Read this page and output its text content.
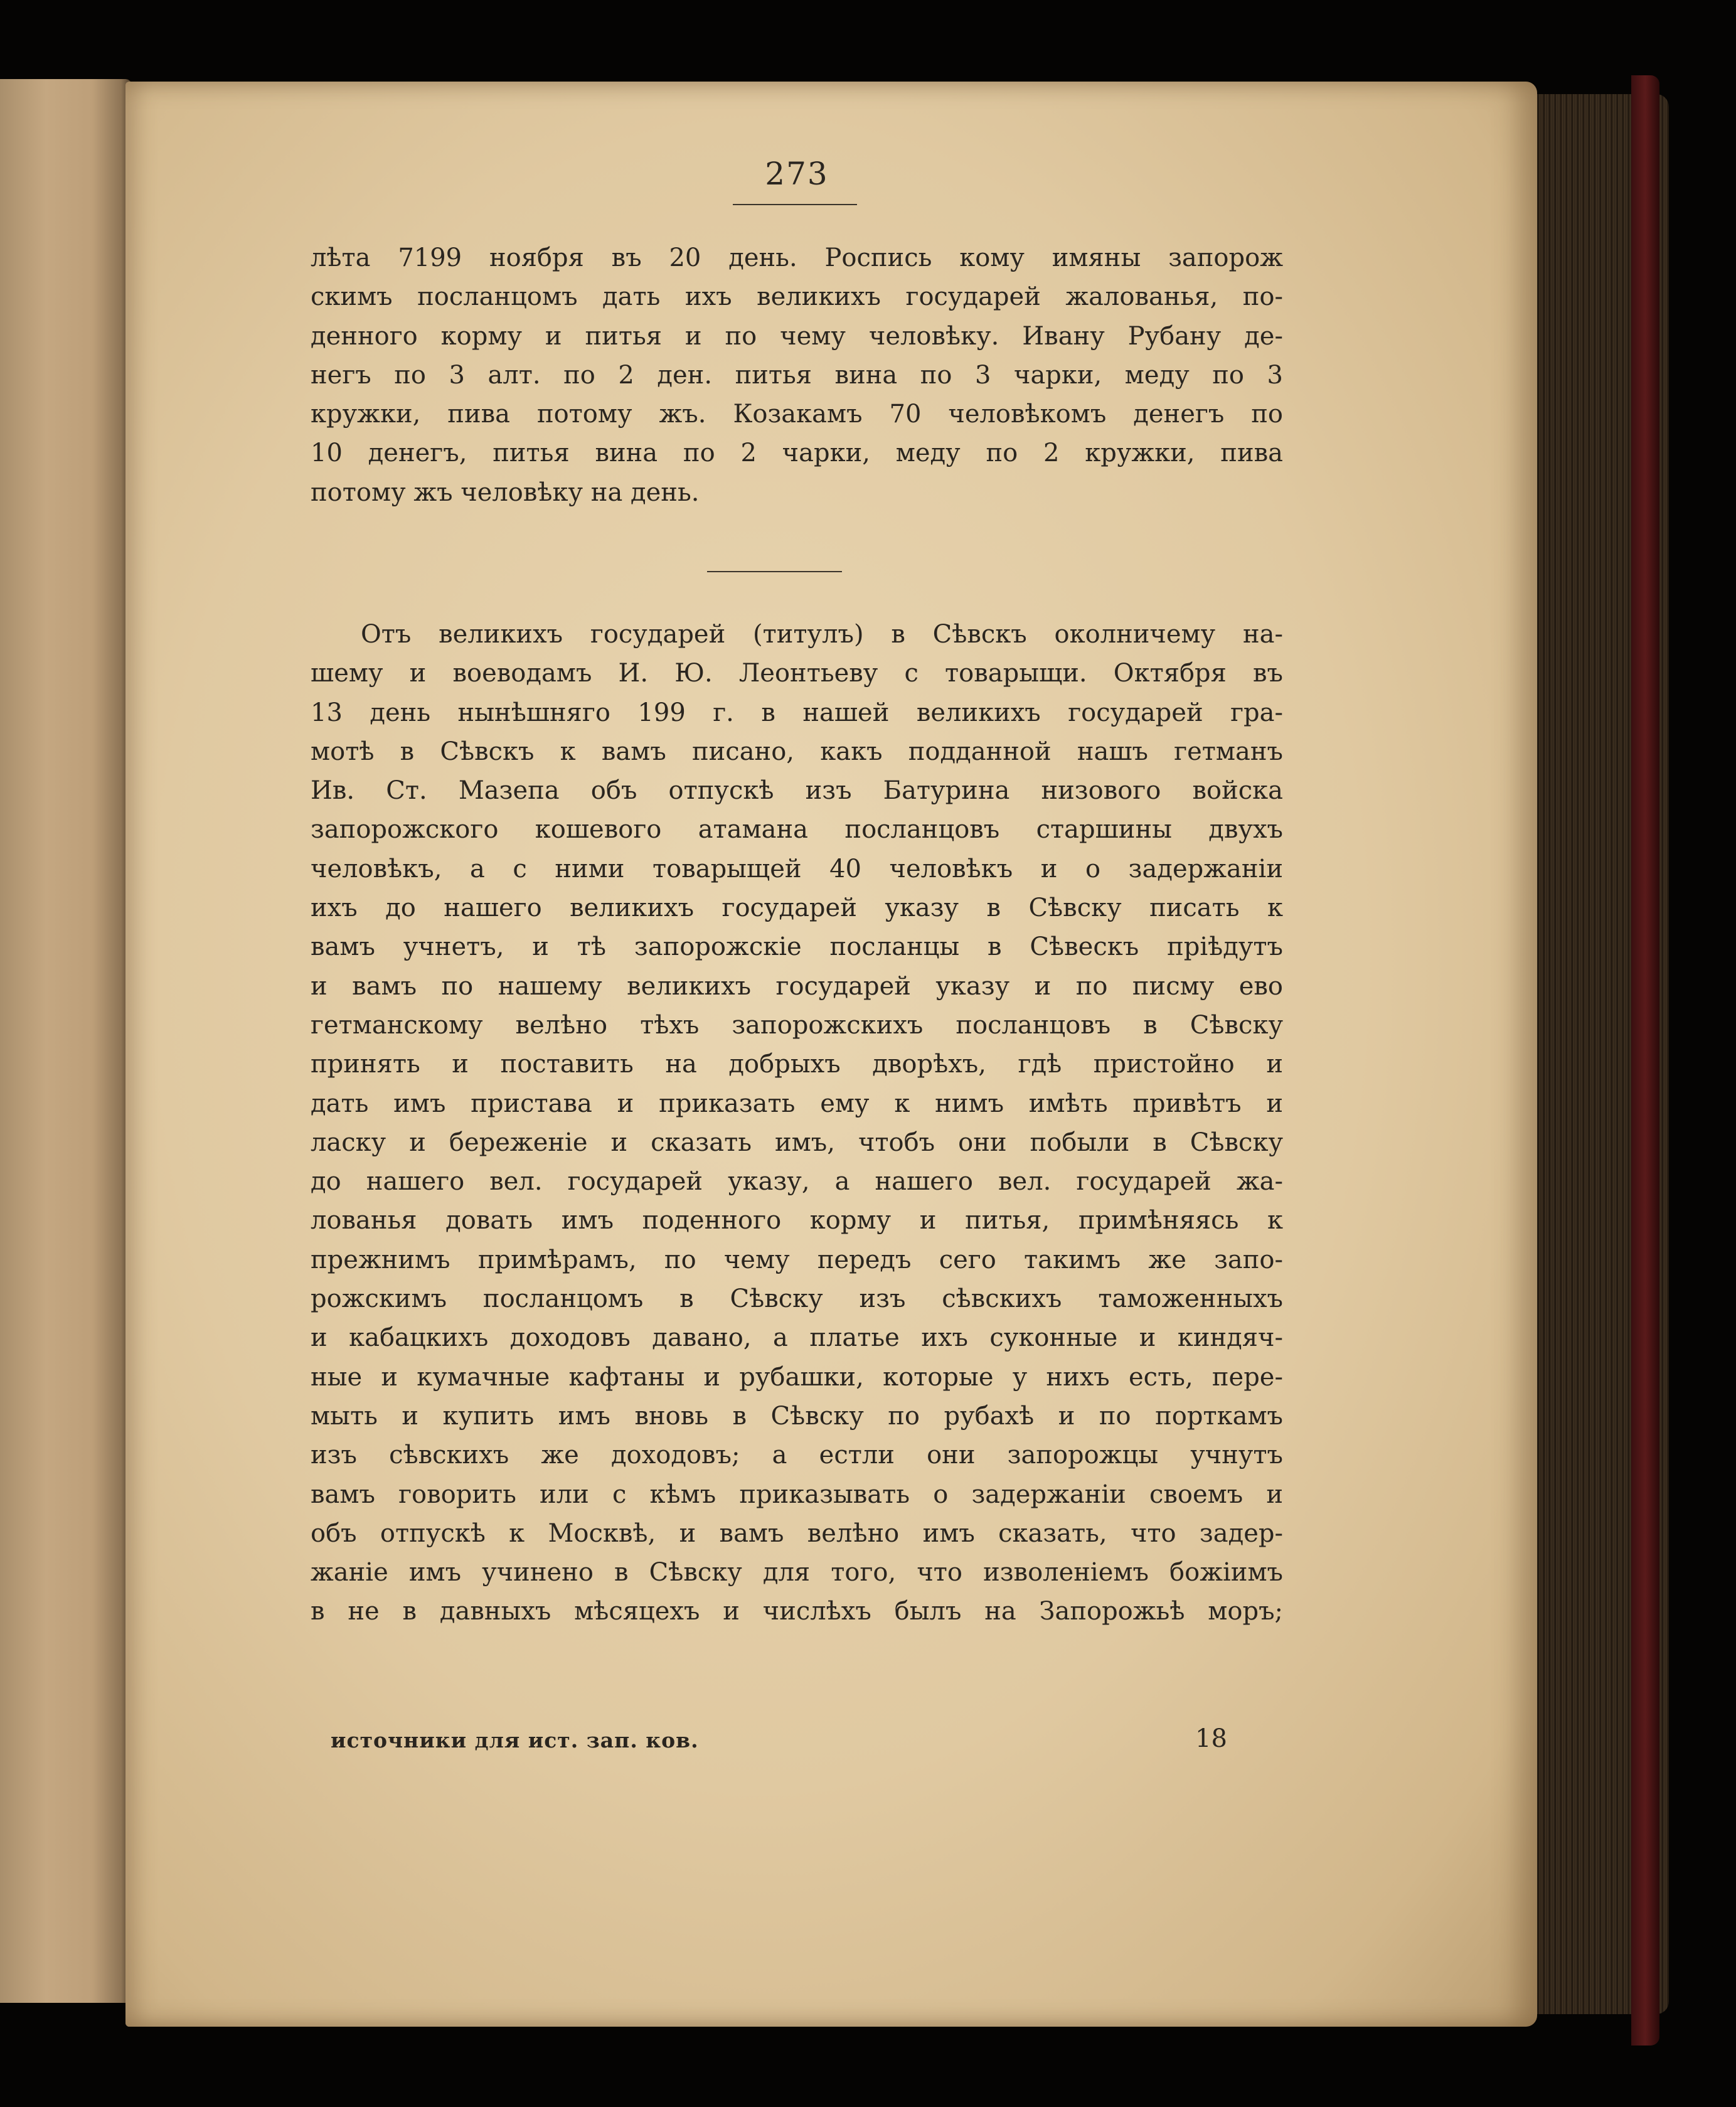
273
лѣта 7199 ноября въ 20 день. Роспись кому имяны запорож
скимъ посланцомъ дать ихъ великихъ государей жалованья, по-
денного корму и питья и по чему человѣку. Ивану Рубану де-
негъ по 3 алт. по 2 ден. питья вина по 3 чарки, меду по 3
кружки, пива потому жъ. Козакамъ 70 человѣкомъ денегъ по
10 денегъ, питья вина по 2 чарки, меду по 2 кружки, пива
потому жъ человѣку на день.
Отъ великихъ государей (титулъ) в Сѣвскъ околничему на-
шему и воеводамъ И. Ю. Леонтьеву с товарыщи. Октября въ
13 день нынѣшняго 199 г. в нашей великихъ государей гра-
мотѣ в Сѣвскъ к вамъ писано, какъ подданной нашъ гетманъ
Ив. Ст. Мазепа объ отпускѣ изъ Батурина низового войска
запорожского кошевого атамана посланцовъ старшины двухъ
человѣкъ, а с ними товарыщей 40 человѣкъ и о задержаніи
ихъ до нашего великихъ государей указу в Сѣвску писать к
вамъ учнетъ, и тѣ запорожскіе посланцы в Сѣвескъ пріѣдутъ
и вамъ по нашему великихъ государей указу и по писму ево
гетманскому велѣно тѣхъ запорожскихъ посланцовъ в Сѣвску
принять и поставить на добрыхъ дворѣхъ, гдѣ пристойно и
дать имъ пристава и приказать ему к нимъ имѣть привѣтъ и
ласку и береженіе и сказать имъ, чтобъ они побыли в Сѣвску
до нашего вел. государей указу, а нашего вел. государей жа-
лованья довать имъ поденного корму и питья, примѣняясь к
прежнимъ примѣрамъ, по чему передъ сего такимъ же запо-
рожскимъ посланцомъ в Сѣвску изъ сѣвскихъ таможенныхъ
и кабацкихъ доходовъ давано, а платье ихъ суконные и киндяч-
ные и кумачные кафтаны и рубашки, которые у нихъ есть, пере-
мыть и купить имъ вновь в Сѣвску по рубахѣ и по порткамъ
изъ сѣвскихъ же доходовъ; а естли они запорожцы учнутъ
вамъ говорить или с кѣмъ приказывать о задержаніи своемъ и
объ отпускѣ к Москвѣ, и вамъ велѣно имъ сказать, что задер-
жаніе имъ учинено в Сѣвску для того, что изволеніемъ божіимъ
в не в давныхъ мѣсяцехъ и числѣхъ былъ на Запорожьѣ моръ;
источники для ист. зап. ков.	18
